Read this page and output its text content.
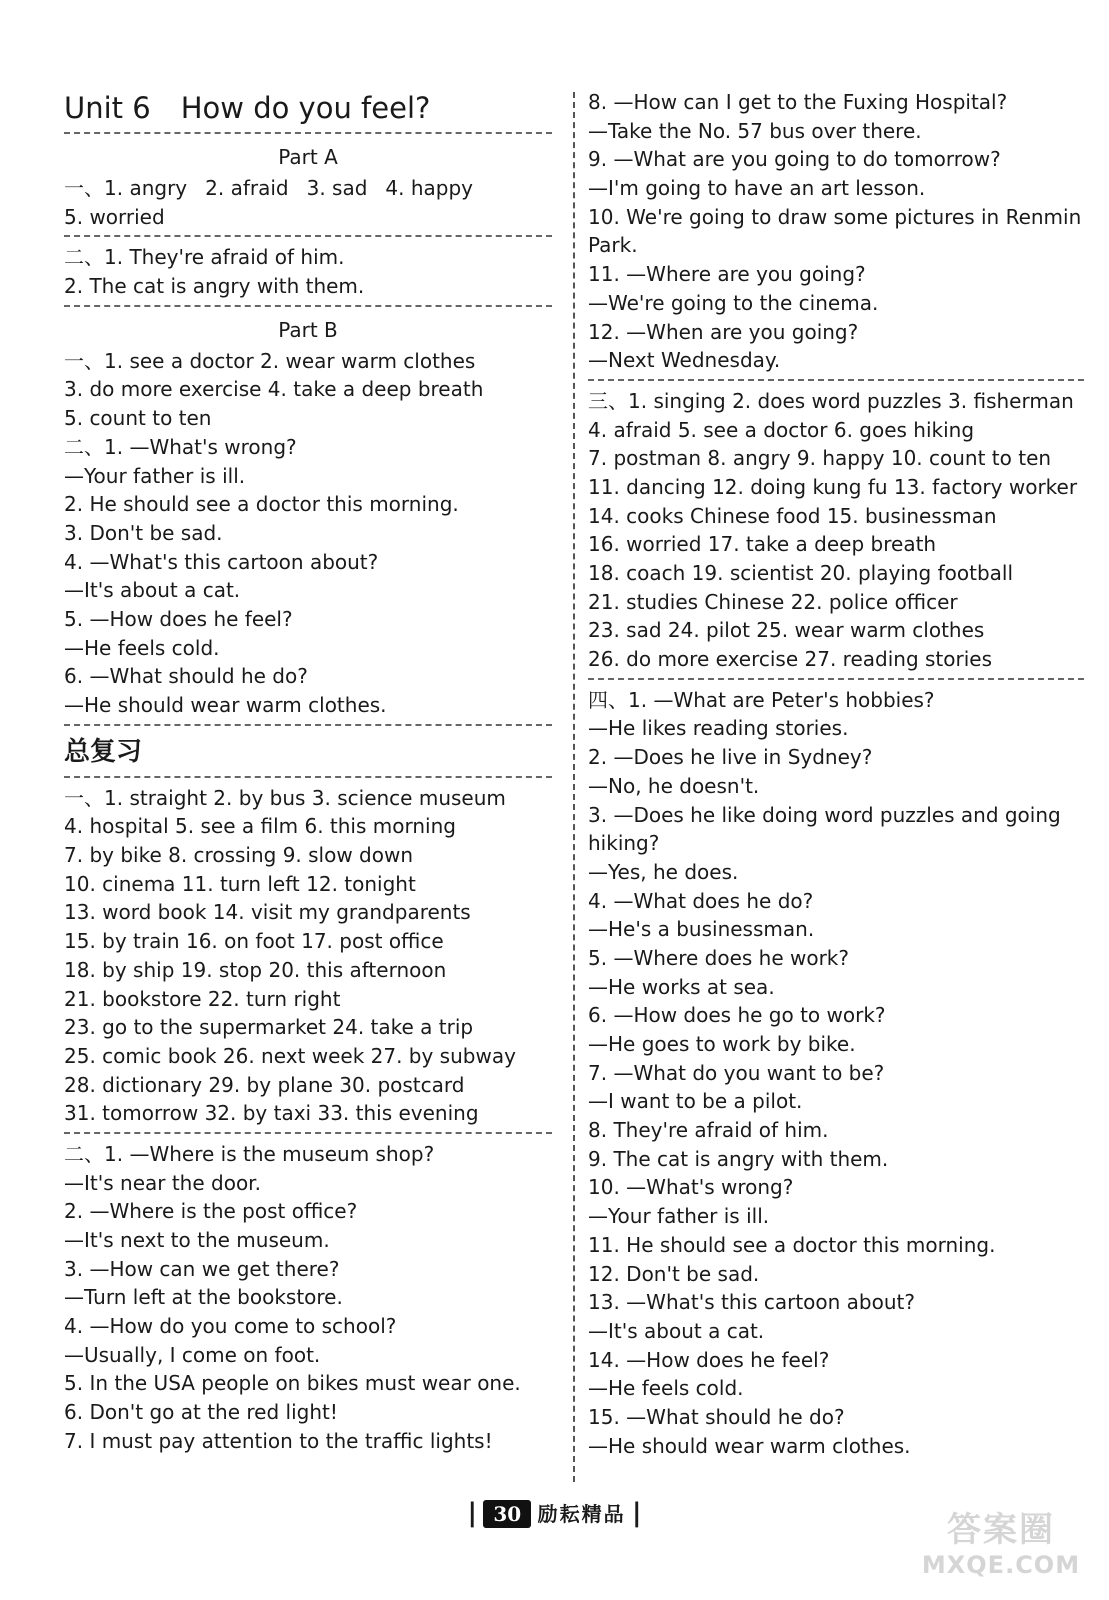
Unit 6 How do you feel?
Part A
一、1. angry 2. afraid 3. sad 4. happy
5. worried
二、1. They're afraid of him.
2. The cat is angry with them.
Part B
一、1. see a doctor 2. wear warm clothes
3. do more exercise 4. take a deep breath
5. count to ten
二、1. —What's wrong?
—Your father is ill.
2. He should see a doctor this morning.
3. Don't be sad.
4. —What's this cartoon about?
—It's about a cat.
5. —How does he feel?
—He feels cold.
6. —What should he do?
—He should wear warm clothes.
总复习
一、1. straight 2. by bus 3. science museum
4. hospital 5. see a film 6. this morning
7. by bike 8. crossing 9. slow down
10. cinema 11. turn left 12. tonight
13. word book 14. visit my grandparents
15. by train 16. on foot 17. post office
18. by ship 19. stop 20. this afternoon
21. bookstore 22. turn right
23. go to the supermarket 24. take a trip
25. comic book 26. next week 27. by subway
28. dictionary 29. by plane 30. postcard
31. tomorrow 32. by taxi 33. this evening
二、1. —Where is the museum shop?
—It's near the door.
2. —Where is the post office?
—It's next to the museum.
3. —How can we get there?
—Turn left at the bookstore.
4. —How do you come to school?
—Usually, I come on foot.
5. In the USA people on bikes must wear one.
6. Don't go at the red light!
7. I must pay attention to the traffic lights!
8. —How can I get to the Fuxing Hospital?
—Take the No. 57 bus over there.
9. —What are you going to do tomorrow?
—I'm going to have an art lesson.
10. We're going to draw some pictures in Renmin
Park.
11. —Where are you going?
—We're going to the cinema.
12. —When are you going?
—Next Wednesday.
三、1. singing 2. does word puzzles 3. fisherman
4. afraid 5. see a doctor 6. goes hiking
7. postman 8. angry 9. happy 10. count to ten
11. dancing 12. doing kung fu 13. factory worker
14. cooks Chinese food 15. businessman
16. worried 17. take a deep breath
18. coach 19. scientist 20. playing football
21. studies Chinese 22. police officer
23. sad 24. pilot 25. wear warm clothes
26. do more exercise 27. reading stories
四、1. —What are Peter's hobbies?
—He likes reading stories.
2. —Does he live in Sydney?
—No, he doesn't.
3. —Does he like doing word puzzles and going
hiking?
—Yes, he does.
4. —What does he do?
—He's a businessman.
5. —Where does he work?
—He works at sea.
6. —How does he go to work?
—He goes to work by bike.
7. —What do you want to be?
—I want to be a pilot.
8. They're afraid of him.
9. The cat is angry with them.
10. —What's wrong?
—Your father is ill.
11. He should see a doctor this morning.
12. Don't be sad.
13. —What's this cartoon about?
—It's about a cat.
14. —How does he feel?
—He feels cold.
15. —What should he do?
—He should wear warm clothes.
| 30 励耘精品 |	答案圈
MXQE.COM
